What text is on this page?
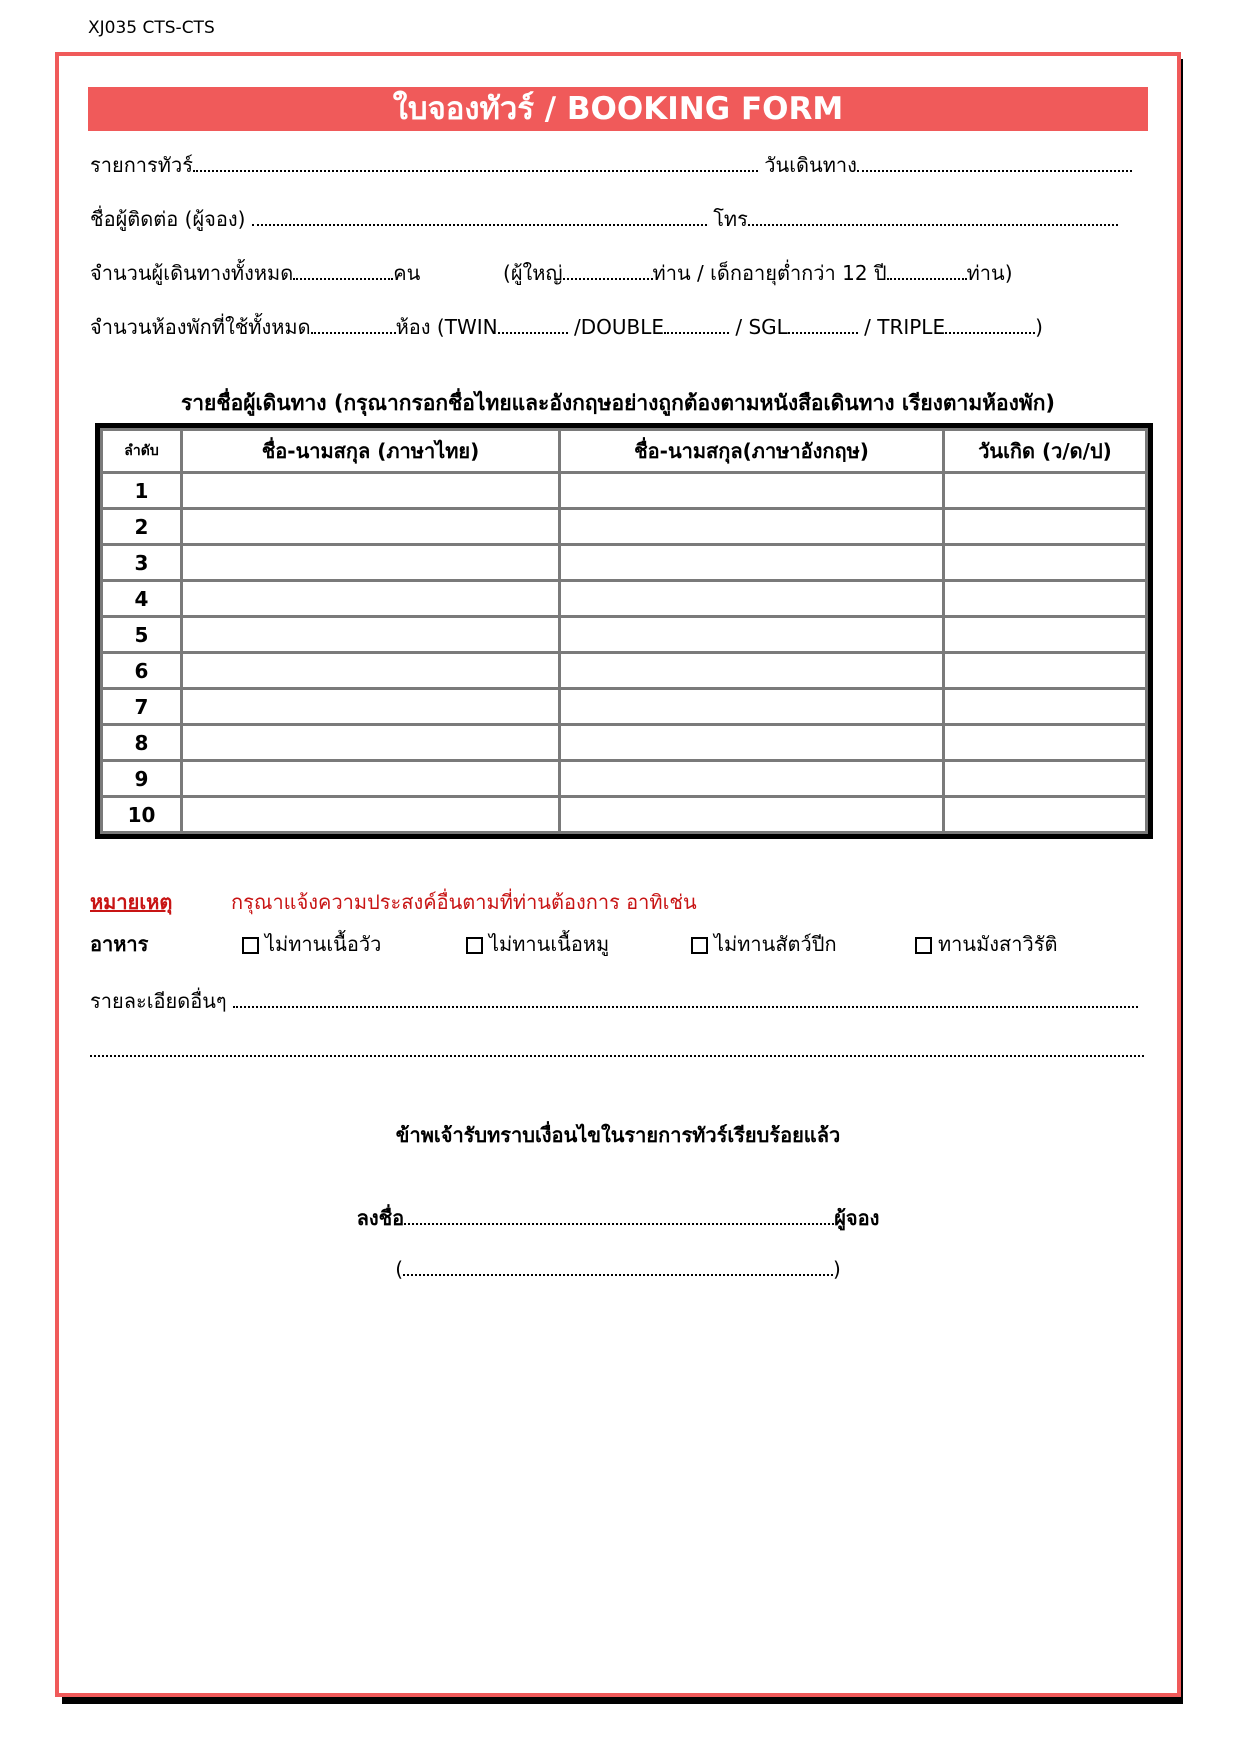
XJ035 CTS-CTS
ใบจองทัวร์ / BOOKING FORM
รายการทัวร์	วันเดินทาง
ชื่อผู้ติดต่อ (ผู้จอง)	โทร
จำนวนผู้เดินทางทั้งหมด	คน	(ผู้ใหญ่	ท่าน / เด็กอายุต่ำกว่า 12 ปี	ท่าน)
จำนวนห้องพักที่ใช้ทั้งหมด	ห้อง (TWIN	/DOUBLE	/ SGL	/ TRIPLE	)
รายชื่อผู้เดินทาง (กรุณากรอกชื่อไทยและอังกฤษอย่างถูกต้องตามหนังสือเดินทาง เรียงตามห้องพัก)
ลำดับ	ชื่อ-นามสกุล (ภาษาไทย)	ชื่อ-นามสกุล(ภาษาอังกฤษ)	วันเกิด (ว/ด/ป)
1			
2			
3			
4			
5			
6			
7			
8			
9			
10			
หมายเหตุ	กรุณาแจ้งความประสงค์อื่นตามที่ท่านต้องการ อาทิเช่น
อาหาร	ไม่ทานเนื้อวัว	ไม่ทานเนื้อหมู	ไม่ทานสัตว์ปีก	ทานมังสาวิรัติ
รายละเอียดอื่นๆ
ข้าพเจ้ารับทราบเงื่อนไขในรายการทัวร์เรียบร้อยแล้ว
ลงชื่อ	ผู้จอง
(	)
